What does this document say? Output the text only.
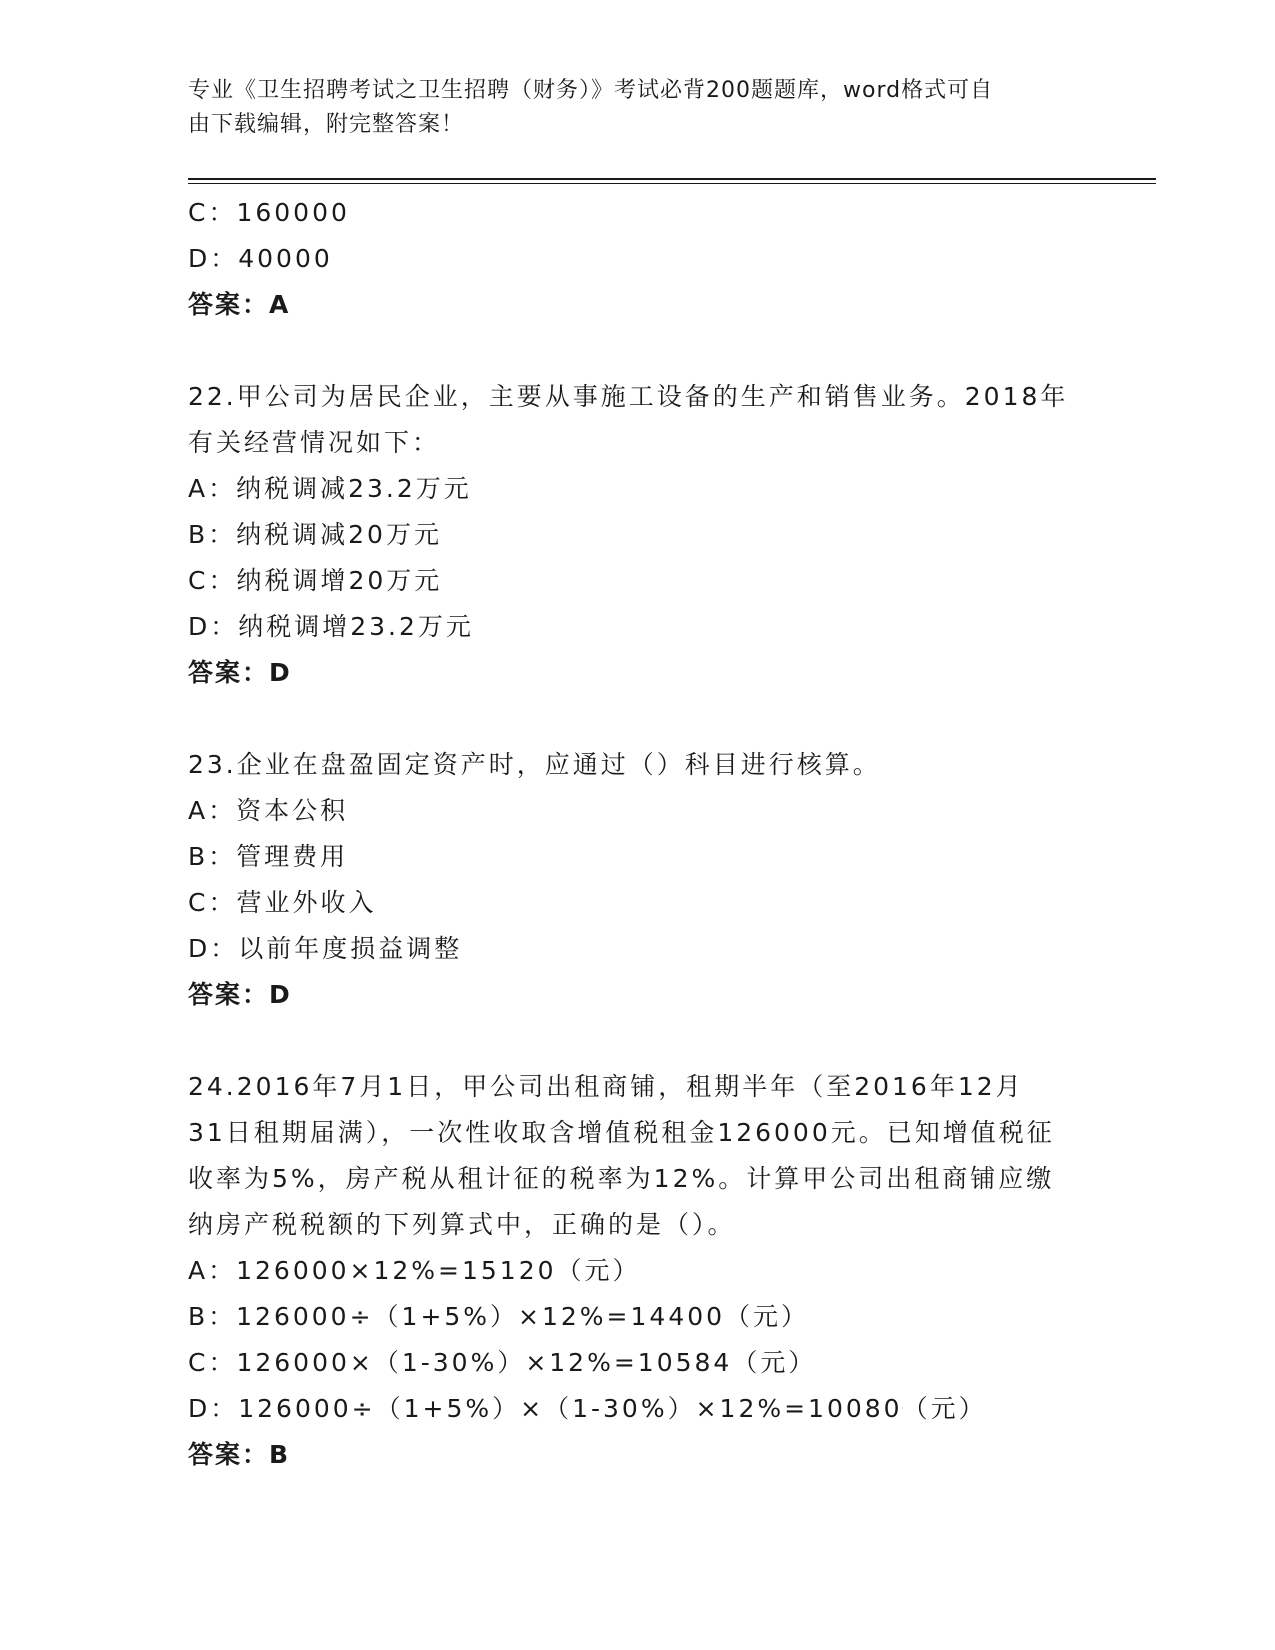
专业《卫生招聘考试之卫生招聘（财务）》考试必背200题题库，word格式可自
由下载编辑，附完整答案！
C：160000
D：40000
答案：A
22.甲公司为居民企业，主要从事施工设备的生产和销售业务。2018年
有关经营情况如下：
A：纳税调减23.2万元
B：纳税调减20万元
C：纳税调增20万元
D：纳税调增23.2万元
答案：D
23.企业在盘盈固定资产时，应通过（）科目进行核算。
A：资本公积
B：管理费用
C：营业外收入
D：以前年度损益调整
答案：D
24.2016年7月1日，甲公司出租商铺，租期半年（至2016年12月
31日租期届满），一次性收取含增值税租金126000元。已知增值税征
收率为5%，房产税从租计征的税率为12%。计算甲公司出租商铺应缴
纳房产税税额的下列算式中，正确的是（）。
A：126000×12%=15120（元）
B：126000÷（1+5%）×12%=14400（元）
C：126000×（1-30%）×12%=10584（元）
D：126000÷（1+5%）×（1-30%）×12%=10080（元）
答案：B
